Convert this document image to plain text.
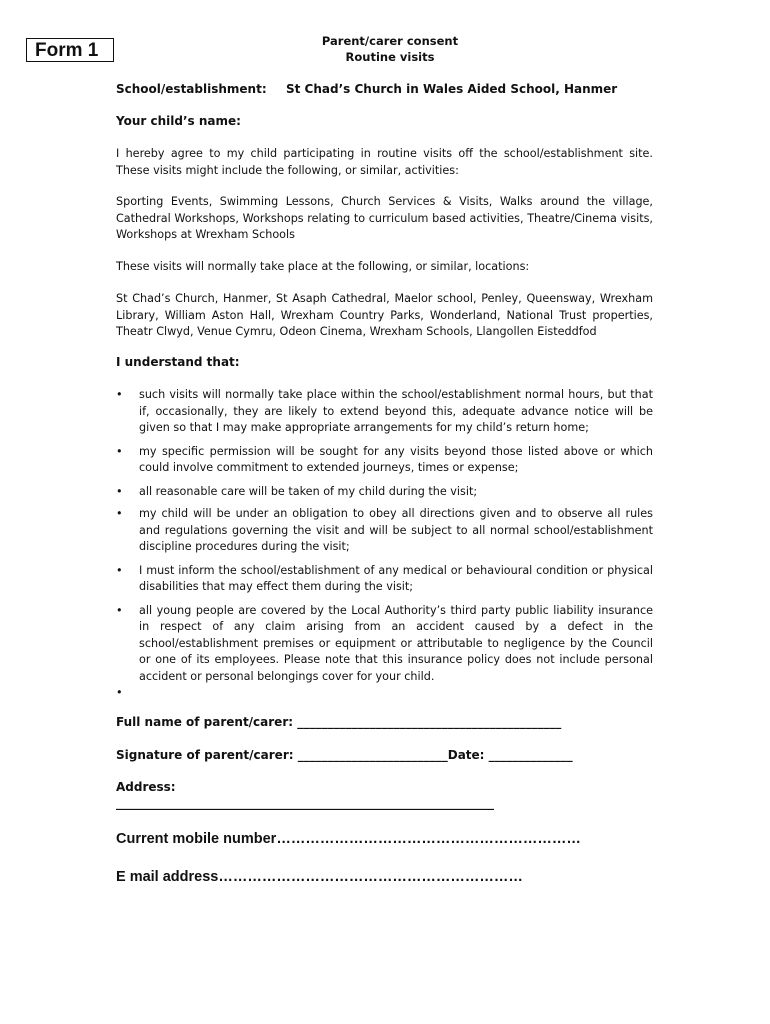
Form 1	Parent/carer consent
Routine visits
School/establishment: St Chad’s Church in Wales Aided School, Hanmer
Your child’s name:
I hereby agree to my child participating in routine visits off the school/establishment site. These visits might include the following, or similar, activities:
Sporting Events, Swimming Lessons, Church Services & Visits, Walks around the village, Cathedral Workshops, Workshops relating to curriculum based activities, Theatre/Cinema visits, Workshops at Wrexham Schools
These visits will normally take place at the following, or similar, locations:
St Chad’s Church, Hanmer, St Asaph Cathedral, Maelor school, Penley, Queensway, Wrexham Library, William Aston Hall, Wrexham Country Parks, Wonderland, National Trust properties, Theatr Clwyd, Venue Cymru, Odeon Cinema, Wrexham Schools, Llangollen Eisteddfod
I understand that:
• such visits will normally take place within the school/establishment normal hours, but that if, occasionally, they are likely to extend beyond this, adequate advance notice will be given so that I may make appropriate arrangements for my child’s return home;
• my specific permission will be sought for any visits beyond those listed above or which could involve commitment to extended journeys, times or expense;
• all reasonable care will be taken of my child during the visit;
• my child will be under an obligation to obey all directions given and to observe all rules and regulations governing the visit and will be subject to all normal school/establishment discipline procedures during the visit;
• I must inform the school/establishment of any medical or behavioural condition or physical disabilities that may effect them during the visit;
• all young people are covered by the Local Authority’s third party public liability insurance in respect of any claim arising from an accident caused by a defect in the school/establishment premises or equipment or attributable to negligence by the Council or one of its employees. Please note that this insurance policy does not include personal accident or personal belongings cover for your child.
•
Full name of parent/carer: ____________________________________________
Signature of parent/carer: _________________________Date: ______________
Address:
_______________________________________________________________
Current mobile number………………………………………………………
E mail address………………………………………………………
